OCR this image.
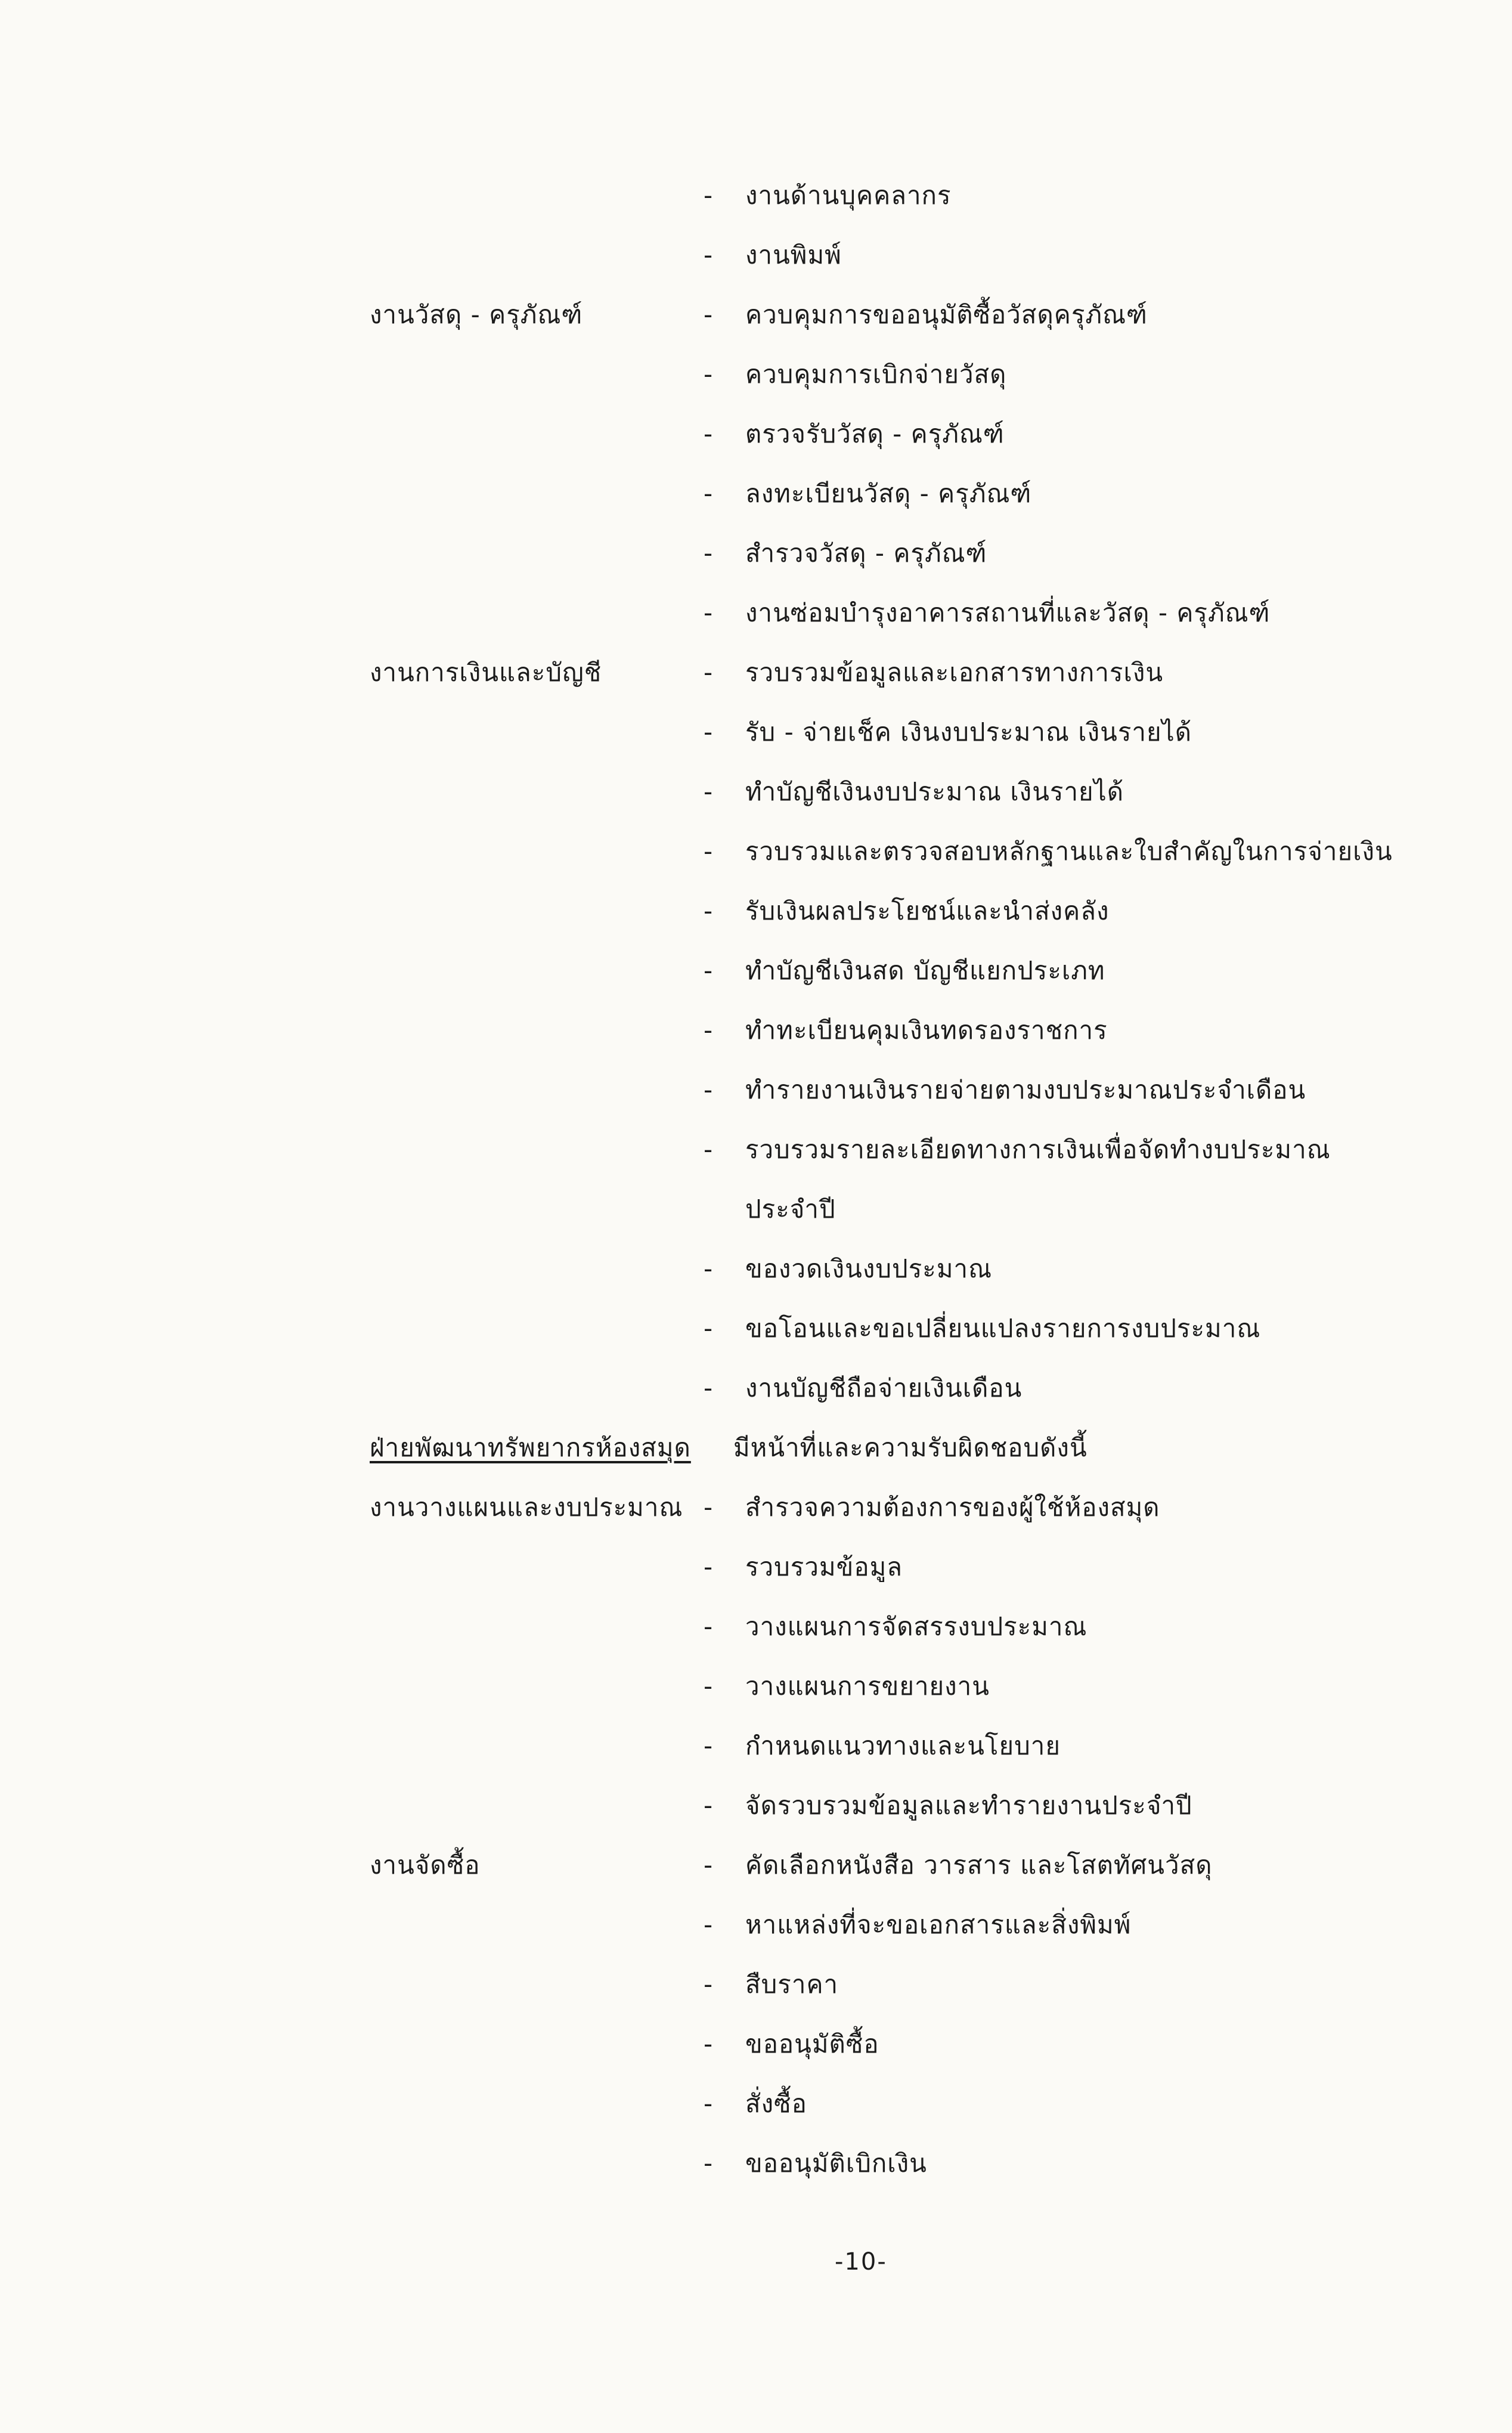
- งานด้านบุคคลากร
- งานพิมพ์
งานวัสดุ - ครุภัณฑ์	- ควบคุมการขออนุมัติซื้อวัสดุครุภัณฑ์
- ควบคุมการเบิกจ่ายวัสดุ
- ตรวจรับวัสดุ - ครุภัณฑ์
- ลงทะเบียนวัสดุ - ครุภัณฑ์
- สำรวจวัสดุ - ครุภัณฑ์
- งานซ่อมบำรุงอาคารสถานที่และวัสดุ - ครุภัณฑ์
งานการเงินและบัญชี	- รวบรวมข้อมูลและเอกสารทางการเงิน
- รับ - จ่ายเช็ค เงินงบประมาณ เงินรายได้
- ทำบัญชีเงินงบประมาณ เงินรายได้
- รวบรวมและตรวจสอบหลักฐานและใบสำคัญในการจ่ายเงิน
- รับเงินผลประโยชน์และนำส่งคลัง
- ทำบัญชีเงินสด บัญชีแยกประเภท
- ทำทะเบียนคุมเงินทดรองราชการ
- ทำรายงานเงินรายจ่ายตามงบประมาณประจำเดือน
- รวบรวมรายละเอียดทางการเงินเพื่อจัดทำงบประมาณ
ประจำปี
- ของวดเงินงบประมาณ
- ขอโอนและขอเปลี่ยนแปลงรายการงบประมาณ
- งานบัญชีถือจ่ายเงินเดือน
ฝ่ายพัฒนาทรัพยากรห้องสมุด มีหน้าที่และความรับผิดชอบดังนี้
งานวางแผนและงบประมาณ - สำรวจความต้องการของผู้ใช้ห้องสมุด
- รวบรวมข้อมูล
- วางแผนการจัดสรรงบประมาณ
- วางแผนการขยายงาน
- กำหนดแนวทางและนโยบาย
- จัดรวบรวมข้อมูลและทำรายงานประจำปี
งานจัดซื้อ	- คัดเลือกหนังสือ วารสาร และโสตทัศนวัสดุ
- หาแหล่งที่จะขอเอกสารและสิ่งพิมพ์
- สืบราคา
- ขออนุมัติซื้อ
- สั่งซื้อ
- ขออนุมัติเบิกเงิน
-10-
